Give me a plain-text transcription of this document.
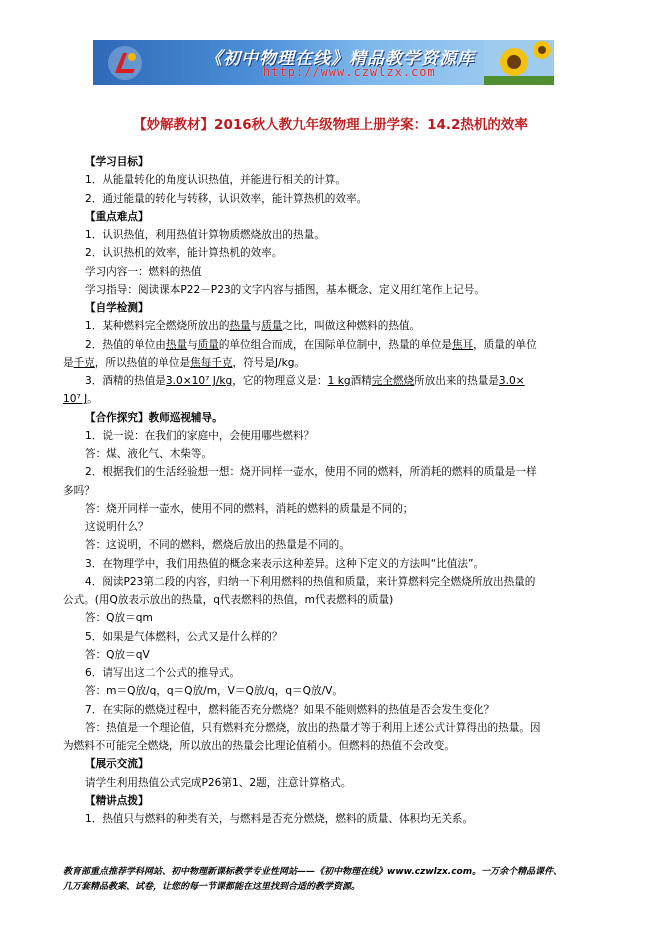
《初中物理在线》精品教学资源库
http://www.czwlzx.com
【妙解教材】2016秋人教九年级物理上册学案：14.2热机的效率
【学习目标】
1．从能量转化的角度认识热值，并能进行相关的计算。
2．通过能量的转化与转移，认识效率，能计算热机的效率。
【重点难点】
1．认识热值，利用热值计算物质燃烧放出的热量。
2．认识热机的效率，能计算热机的效率。
学习内容一：燃料的热值
学习指导：阅读课本P22－P23的文字内容与插图，基本概念、定义用红笔作上记号。
【自学检测】
1．某种燃料完全燃烧所放出的热量与质量之比，叫做这种燃料的热值。
2．热值的单位由热量与质量的单位组合而成，在国际单位制中，热量的单位是焦耳，质量的单位
是千克，所以热值的单位是焦每千克，符号是J/kg。
3．酒精的热值是3.0×10⁷ J/kg，它的物理意义是：1 kg酒精完全燃烧所放出来的热量是3.0×
10⁷ J。
【合作探究】教师巡视辅导。
1．说一说：在我们的家庭中，会使用哪些燃料？
答：煤、液化气、木柴等。
2．根据我们的生活经验想一想：烧开同样一壶水，使用不同的燃料，所消耗的燃料的质量是一样
多吗？
答：烧开同样一壶水，使用不同的燃料，消耗的燃料的质量是不同的；
这说明什么？
答：这说明，不同的燃料，燃烧后放出的热量是不同的。
3．在物理学中，我们用热值的概念来表示这种差异。这种下定义的方法叫“比值法”。
4．阅读P23第二段的内容，归纳一下利用燃料的热值和质量，来计算燃料完全燃烧所放出热量的
公式。(用Q放表示放出的热量，q代表燃料的热值，m代表燃料的质量)
答：Q放＝qm
5．如果是气体燃料，公式又是什么样的？
答：Q放＝qV
6．请写出这二个公式的推导式。
答：m＝Q放/q，q＝Q放/m，V＝Q放/q，q＝Q放/V。
7．在实际的燃烧过程中，燃料能否充分燃烧？如果不能则燃料的热值是否会发生变化？
答：热值是一个理论值，只有燃料充分燃烧，放出的热量才等于利用上述公式计算得出的热量。因
为燃料不可能完全燃烧，所以放出的热量会比理论值稍小。但燃料的热值不会改变。
【展示交流】
请学生利用热值公式完成P26第1、2题，注意计算格式。
【精讲点拨】
1．热值只与燃料的种类有关，与燃料是否充分燃烧，燃料的质量、体积均无关系。
教育部重点推荐学科网站、初中物理新课标教学专业性网站——《初中物理在线》www.czwlzx.com。一万余个精品课件、
几万套精品教案、试卷，让您的每一节课都能在这里找到合适的教学资源。
